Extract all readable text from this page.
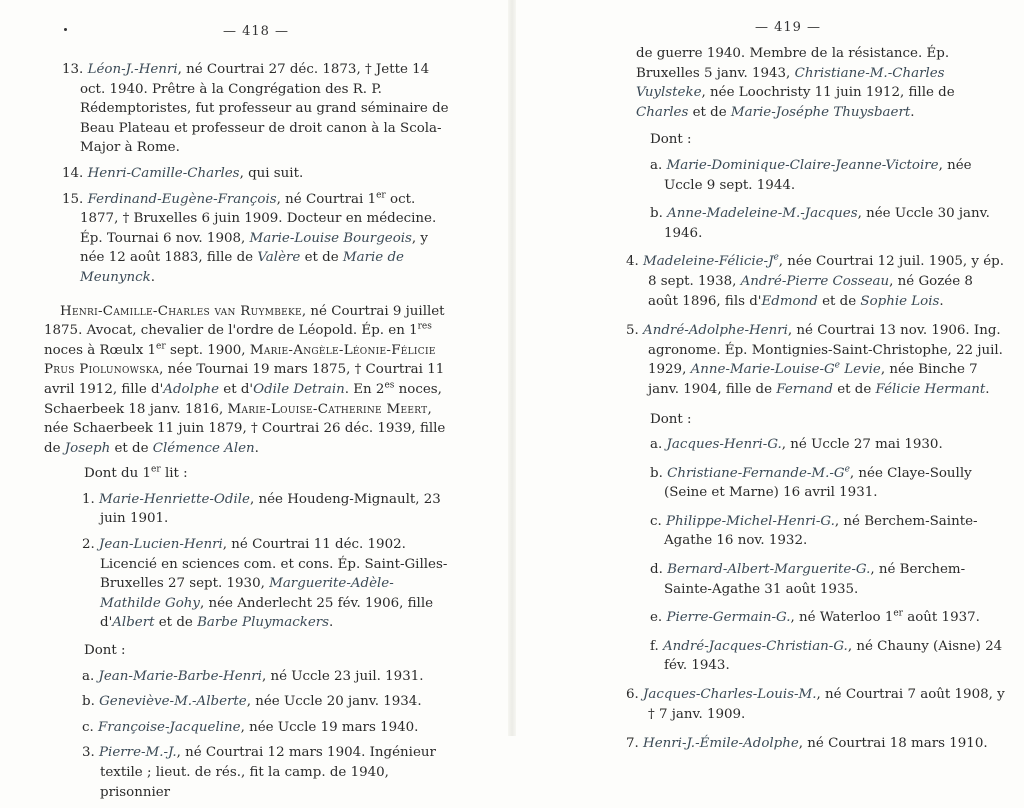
— 418 —

13. Léon-J.-Henri, né Courtrai 27 déc. 1873, † Jette 14 oct. 1940. Prêtre à la Congrégation des R. P. Rédemptoristes, fut professeur au grand séminaire de Beau Plateau et professeur de droit canon à la Scola-Major à Rome.

14. Henri-Camille-Charles, qui suit.

15. Ferdinand-Eugène-François, né Courtrai 1er oct. 1877, † Bruxelles 6 juin 1909. Docteur en médecine. Ép. Tournai 6 nov. 1908, Marie-Louise Bourgeois, y née 12 août 1883, fille de Valère et de Marie de Meunynck.

Henri-Camille-Charles van Ruymbeke, né Courtrai 9 juillet 1875. Avocat, chevalier de l'ordre de Léopold. Ép. en 1res noces à Rœulx 1er sept. 1900, Marie-Angèle-Léonie-Félicie Prus Piolunowska, née Tournai 19 mars 1875, † Courtrai 11 avril 1912, fille d'Adolphe et d'Odile Detrain. En $2^{es}$ noces, Schaerbeek 18 janv. 1816, Marie-Louise-Catherine Meert, née Schaerbeek 11 juin 1879, † Courtrai 26 déc. 1939, fille de Joseph et de Clémence Alen.

Dont du 1er lit :

1. Marie-Henriette-Odile, née Houdeng-Mignault, 23 juin 1901.

2. Jean-Lucien-Henri, né Courtrai 11 déc. 1902. Licencié en sciences com. et cons. Ép. Saint-Gilles-Bruxelles 27 sept. 1930, Marguerite-Adèle-Mathilde Gohy, née Anderlecht 25 fév. 1906, fille d'Albert et de Barbe Pluymackers.

Dont :

a. Jean-Marie-Barbe-Henri, né Uccle 23 juil. 1931.

b. Geneviève-M.-Alberte, née Uccle 20 janv. 1934.

c. Françoise-Jacqueline, née Uccle 19 mars 1940.

3. Pierre-M.-J., né Courtrai 12 mars 1904. Ingénieur textile ; lieut. de rés., fit la camp. de 1940, prisonnier

— 419 —

de guerre 1940. Membre de la résistance. Ép. Bruxelles 5 janv. 1943, Christiane-M.-Charles Vuylsteke, née Loochristy 11 juin 1912, fille de Charles et de Marie-Joséphe Thuysbaert.

Dont :

a. Marie-Dominique-Claire-Jeanne-Victoire, née Uccle 9 sept. 1944.

b. Anne-Madeleine-M.-Jacques, née Uccle 30 janv. 1946.

4. Madeleine-$Félicie-J^e$, née Courtrai 12 juil. 1905, y ép. 8 sept. 1938, André-Pierre Cosseau, né Gozée 8 août 1896, fils d'Edmond et de Sophie Lois.

5. André-Adolphe-Henri, né Courtrai 13 nov. 1906. Ing. agronome. Ép. Montignies-Saint-Christophe, 22 juil. 1929, Anne-$Marie-Louise-G^e$ Levie, née Binche 7 janv. 1904, fille de Fernand et de Félicie Hermant.

Dont :

a. Jacques-Henri-G., né Uccle 27 mai 1930.

b. Christiane-$Fernande-M.-G^e$, née Claye-Soully (Seine et Marne) 16 avril 1931.

c. Philippe-Michel-Henri-G., né Berchem-Sainte-Agathe 16 nov. 1932.

d. Bernard-Albert-Marguerite-G., né Berchem-Sainte-Agathe 31 août 1935.

e. Pierre-Germain-G., né Waterloo 1er août 1937.

f. André-Jacques-Christian-G., né Chauny (Aisne) 24 fév. 1943.

6. Jacques-Charles-Louis-M., né Courtrai 7 août 1908, y † 7 janv. 1909.

7. Henri-J.-Émile-Adolphe, né Courtrai 18 mars 1910.
